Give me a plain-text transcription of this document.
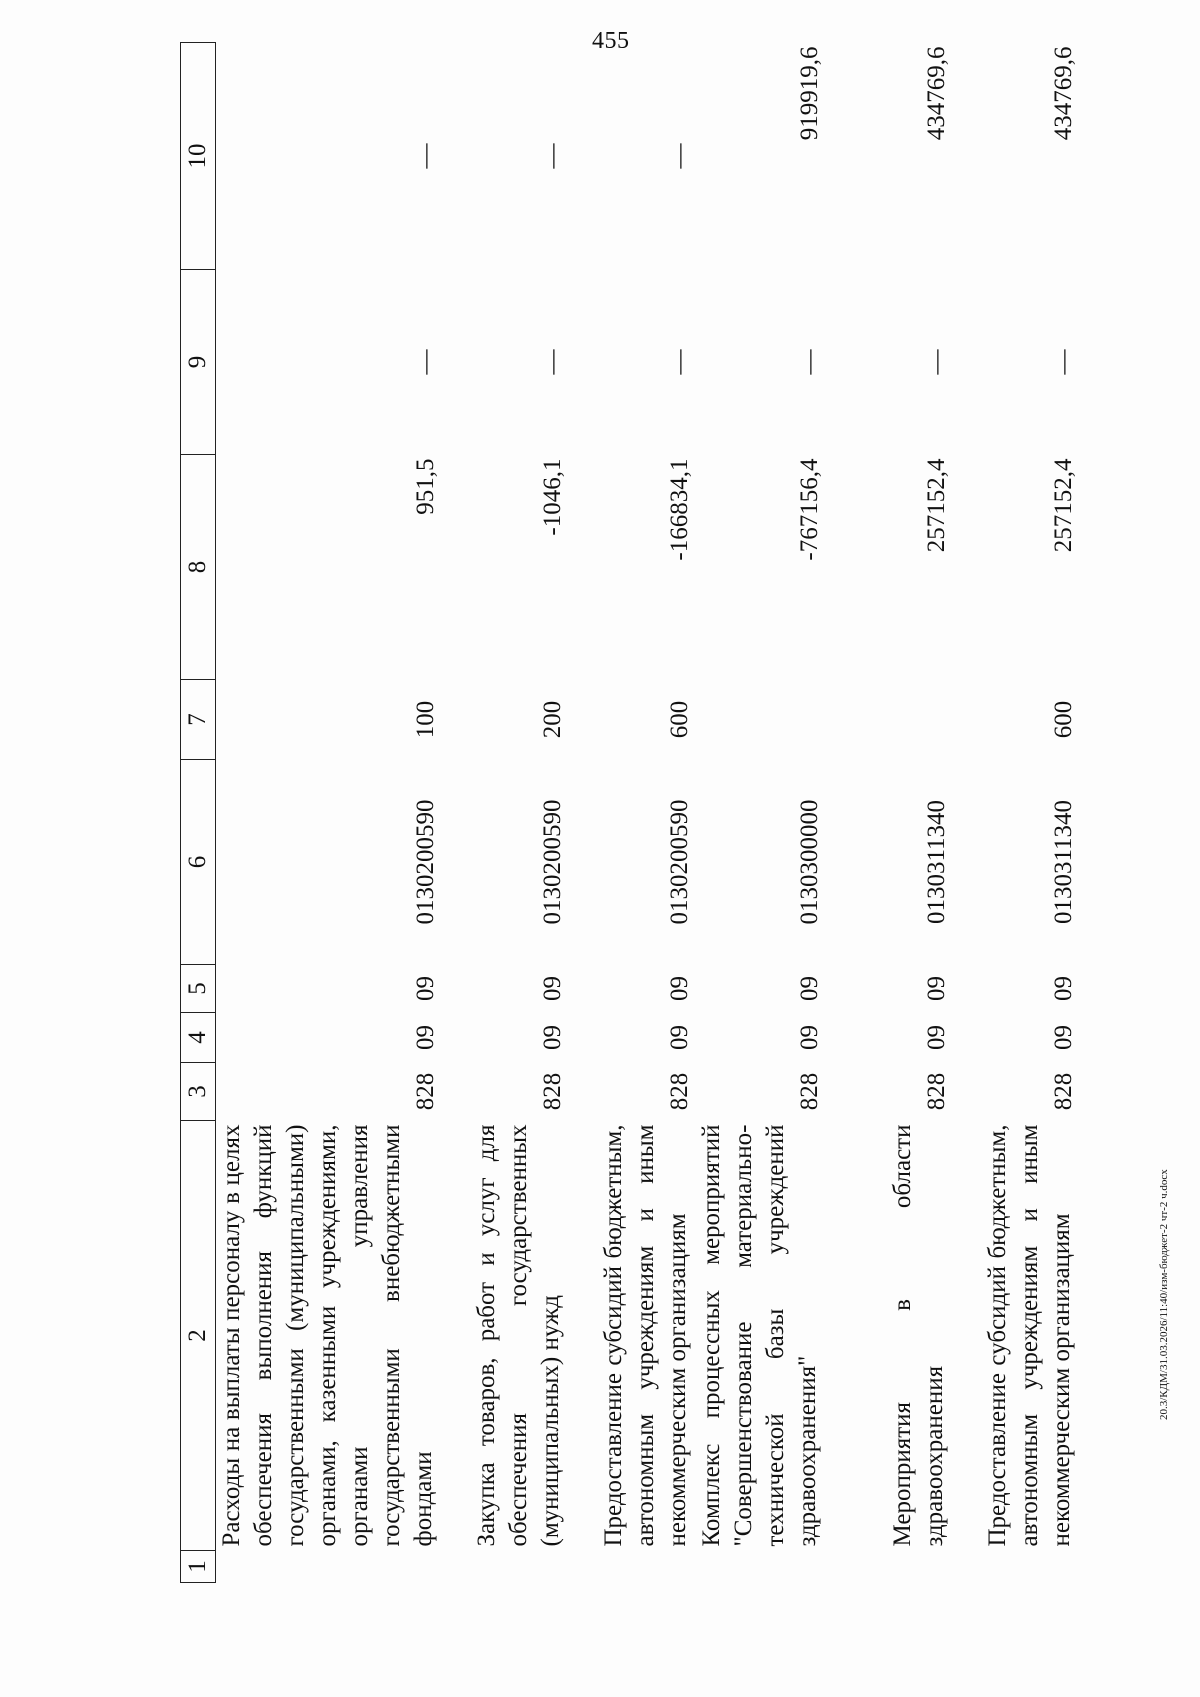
455
1	2	3	4	5	6	7	8	9	10
	Расходы на выплаты персоналу в целях обеспечения выполнения функций государственными (муниципальными) органами, казенными учреждениями, органами управления государственными внебюджетными фондами	828	09	09	0130200590	100	951,5	—	—
	Закупка товаров, работ и услуг для обеспечения государственных (муниципальных) нужд	828	09	09	0130200590	200	-1046,1	—	—
	Предоставление субсидий бюджетным, автономным учреждениям и иным некоммерческим организациям	828	09	09	0130200590	600	-166834,1	—	—
	Комплекс процессных мероприятий "Совершенствование материально-технической базы учреждений здравоохранения"	828	09	09	0130300000		-767156,4	—	919919,6
	Мероприятия в области здравоохранения	828	09	09	0130311340		257152,4	—	434769,6
	Предоставление субсидий бюджетным, автономным учреждениям и иным некоммерческим организациям	828	09	09	0130311340	600	257152,4	—	434769,6
20.3/КДМ/31.03.2026/11:40/изм-бюджет-2 чт-2 ч.docx
